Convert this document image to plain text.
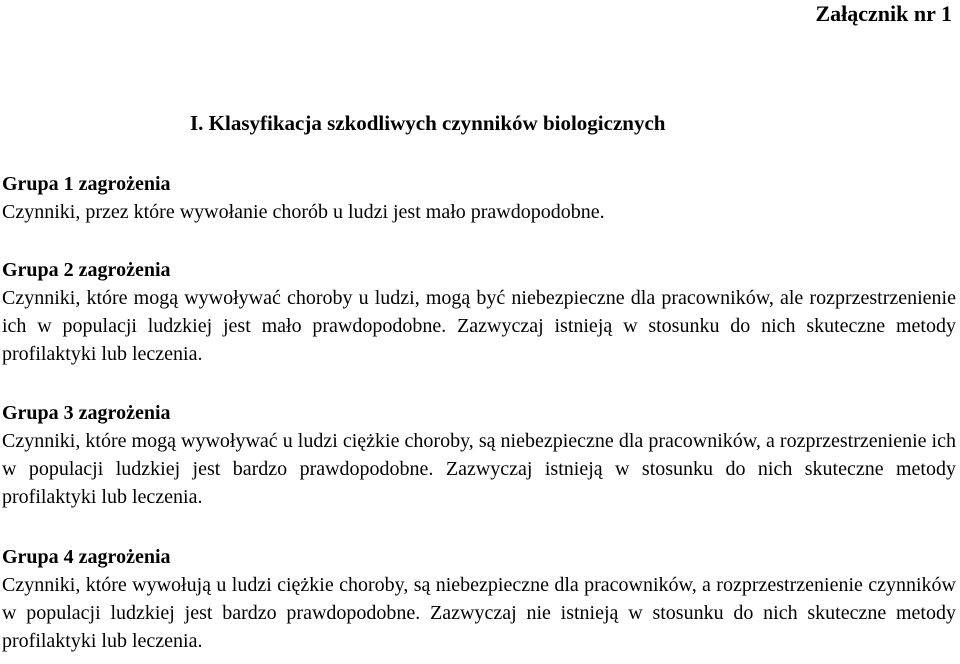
Załącznik nr 1
I. Klasyfikacja szkodliwych czynników biologicznych
Grupa 1 zagrożenia
Czynniki, przez które wywołanie chorób u ludzi jest mało prawdopodobne.
Grupa 2 zagrożenia
Czynniki, które mogą wywoływać choroby u ludzi, mogą być niebezpieczne dla pracowników, ale rozprzestrzenienie ich w populacji ludzkiej jest mało prawdopodobne. Zazwyczaj istnieją w stosunku do nich skuteczne metody profilaktyki lub leczenia.
Grupa 3 zagrożenia
Czynniki, które mogą wywoływać u ludzi ciężkie choroby, są niebezpieczne dla pracowników, a rozprzestrzenienie ich w populacji ludzkiej jest bardzo prawdopodobne. Zazwyczaj istnieją w stosunku do nich skuteczne metody profilaktyki lub leczenia.
Grupa 4 zagrożenia
Czynniki, które wywołują u ludzi ciężkie choroby, są niebezpieczne dla pracowników, a rozprzestrzenienie czynników w populacji ludzkiej jest bardzo prawdopodobne. Zazwyczaj nie istnieją w stosunku do nich skuteczne metody profilaktyki lub leczenia.
